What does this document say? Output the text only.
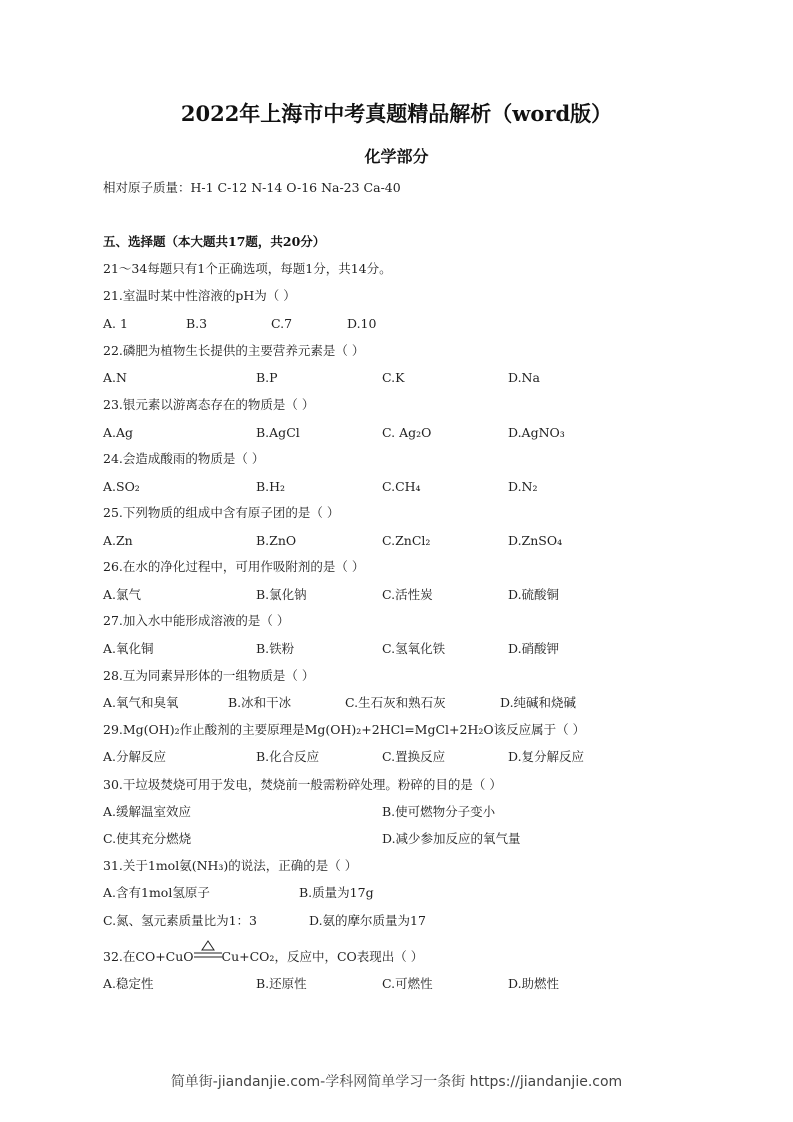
2022年上海市中考真题精品解析（word版）
化学部分
相对原子质量：H-1 C-12 N-14 O-16 Na-23 Ca-40
五、选择题（本大题共17题，共20分）
21～34每题只有1个正确选项，每题1分，共14分。
21.室温时某中性溶液的pH为（ ）
A. 1	B.3	C.7	D.10
22.磷肥为植物生长提供的主要营养元素是（ ）
A.N	B.P	C.K	D.Na
23.银元素以游离态存在的物质是（ ）
A.Ag	B.AgCl	C. Ag₂O	D.AgNO₃
24.会造成酸雨的物质是（ ）
A.SO₂	B.H₂	C.CH₄	D.N₂
25.下列物质的组成中含有原子团的是（ ）
A.Zn	B.ZnO	C.ZnCl₂	D.ZnSO₄
26.在水的净化过程中，可用作吸附剂的是（ ）
A.氯气	B.氯化钠	C.活性炭	D.硫酸铜
27.加入水中能形成溶液的是（ ）
A.氧化铜	B.铁粉	C.氢氧化铁	D.硝酸钾
28.互为同素异形体的一组物质是（ ）
A.氧气和臭氧	B.冰和干冰	C.生石灰和熟石灰	D.纯碱和烧碱
29.Mg(OH)₂作止酸剂的主要原理是Mg(OH)₂+2HCl=MgCl+2H₂O该反应属于（ ）
A.分解反应	B.化合反应	C.置换反应	D.复分解反应
30.干垃圾焚烧可用于发电，焚烧前一般需粉碎处理。粉碎的目的是（ ）
A.缓解温室效应	B.使可燃物分子变小
C.使其充分燃烧	D.减少参加反应的氧气量
31.关于1mol氨(NH₃)的说法，正确的是（ ）
A.含有1mol氢原子	B.质量为17g
C.氮、氢元素质量比为1：3	D.氨的摩尔质量为17
32.在CO+CuO Cu+CO₂，反应中，CO表现出（ ）
A.稳定性	B.还原性	C.可燃性	D.助燃性
简单街-jiandanjie.com-学科网简单学习一条街 https://jiandanjie.com
